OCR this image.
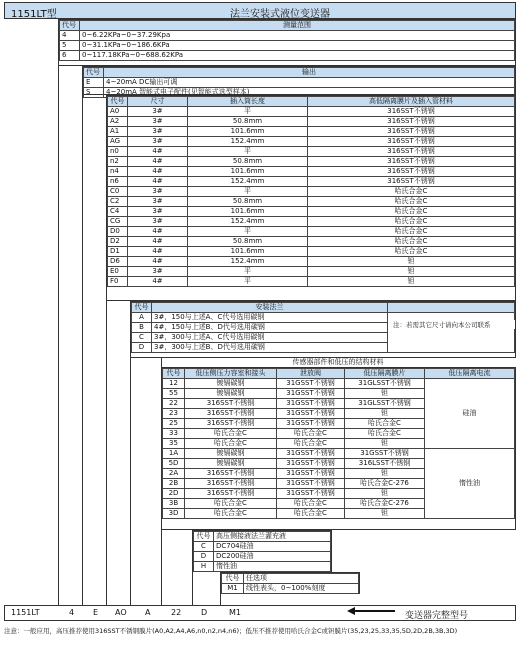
1151LT型	法兰安装式液位变送器
代号	测量范围
4	0~6.22KPa~0~37.29Kpa
5	0~31.1KPa~0~186.6KPa
6	0~117.18KPa~0~688.62KPa
代号	输出
E	4~20mA DC输出可调
S	4~20mA 智能式电子配件(见智能式选型样本)
代号	尺寸	插入筒长度	高低隔离膜片及插入管材料
A0	3#	平	316SST不锈钢
A2	3#	50.8mm	316SST不锈钢
A1	3#	101.6mm	316SST不锈钢
AG	3#	152.4mm	316SST不锈钢
n0	4#	平	316SST不锈钢
n2	4#	50.8mm	316SST不锈钢
n4	4#	101.6mm	316SST不锈钢
n6	4#	152.4mm	316SST不锈钢
C0	3#	平	哈氏合金C
C2	3#	50.8mm	哈氏合金C
C4	3#	101.6mm	哈氏合金C
CG	3#	152.4mm	哈氏合金C
D0	4#	平	哈氏合金C
D2	4#	50.8mm	哈氏合金C
D1	4#	101.6mm	哈氏合金C
D6	4#	152.4mm	钽
E0	3#	平	钽
F0	4#	平	钽
代号	安装法兰	
A	3#，150与上述A、C代号选用碳钢	
B	4#，150与上述B、D代号选用碳钢	
C	3#，300与上述A、C代号选用碳钢	
D	3#，300与上述B、D代号选用碳钢	
注：若需其它尺寸请向本公司联系
传感器部件和低压的结构材料
代号	低压侧压力容室和接头	泄放阀	低压隔离膜片	低压隔离电流
12	镀镉碳钢	31GSST不锈钢	31GLSST不锈钢	硅油
55	镀镉碳钢	31GSST不锈钢	钽	
22	316SST不锈钢	31GSST不锈钢	31GLSST不锈钢	
23	316SST不锈钢	31GSST不锈钢	钽	
25	316SST不锈钢	31GSST不锈钢	哈氏合金C	
33	哈氏合金C	哈氏合金C	哈氏合金C	
35	哈氏合金C	哈氏合金C	钽	
1A	镀镉碳钢	31GSST不锈钢	31GSST不锈钢	惰性油
5D	镀镉碳钢	31GSST不锈钢	316LSST不锈钢	
2A	316SST不锈钢	31GSST不锈钢	钽	
2B	316SST不锈钢	31GSST不锈钢	哈氏合金C-276	
2D	316SST不锈钢	31GSST不锈钢	钽	
3B	哈氏合金C	哈氏合金C	哈氏合金C-276	
3D	哈氏合金C	哈氏合金C	钽	
代号	高压侧接液法兰灌充液
C	DC704硅油
D	DC200硅油
H	惰性油
代号	任选项
M1	线性表头，0~100%刻度
1151LT	4 E AO A	22 D	M1	变送器完整型号
注意：一般应用，高压推荐使用316SST不锈钢膜片(A0,A2,A4,A6,n0,n2,n4,n6)；低压不推荐使用哈氏合金C或钽膜片(35,23,25,33,35,5D,2D,2B,3B,3D)
